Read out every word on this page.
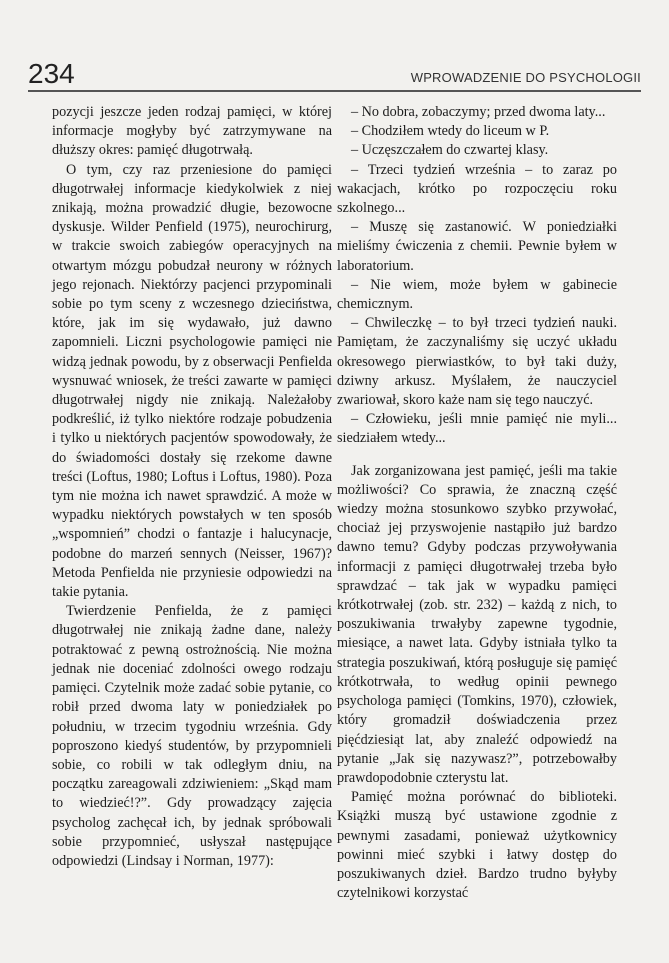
234	WPROWADZENIE DO PSYCHOLOGII

pozycji jeszcze jeden rodzaj pamięci, w której informacje mogłyby być zatrzymywane na dłuższy okres: pamięć długotrwałą.

O tym, czy raz przeniesione do pamięci długotrwałej informacje kiedykolwiek z niej znikają, można prowadzić długie, bezowocne dyskusje. Wilder Penfield (1975), neurochirurg, w trakcie swoich zabiegów operacyjnych na otwartym mózgu pobudzał neurony w różnych jego rejonach. Niektórzy pacjenci przypominali sobie po tym sceny z wczesnego dzieciństwa, które, jak im się wydawało, już dawno zapomnieli. Liczni psychologowie pamięci nie widzą jednak powodu, by z obserwacji Penfielda wysnuwać wniosek, że treści zawarte w pamięci długotrwałej nigdy nie znikają. Należałoby podkreślić, iż tylko niektóre rodzaje pobudzenia i tylko u niektórych pacjentów spowodowały, że do świadomości dostały się rzekome dawne treści (Loftus, 1980; Loftus i Loftus, 1980). Poza tym nie można ich nawet sprawdzić. A może w wypadku niektórych powstałych w ten sposób „wspomnień” chodzi o fantazje i halucynacje, podobne do marzeń sennych (Neisser, 1967)? Metoda Penfielda nie przyniesie odpowiedzi na takie pytania.

Twierdzenie Penfielda, że z pamięci długotrwałej nie znikają żadne dane, należy potraktować z pewną ostrożnością. Nie można jednak nie doceniać zdolności owego rodzaju pamięci. Czytelnik może zadać sobie pytanie, co robił przed dwoma laty w poniedziałek po południu, w trzecim tygodniu września. Gdy poproszono kiedyś studentów, by przypomnieli sobie, co robili w tak odległym dniu, na początku zareagowali zdziwieniem: „Skąd mam to wiedzieć!?”. Gdy prowadzący zajęcia psycholog zachęcał ich, by jednak spróbowali sobie przypomnieć, usłyszał następujące odpowiedzi (Lindsay i Norman, 1977):

– No dobra, zobaczymy; przed dwoma laty...

– Chodziłem wtedy do liceum w P.

– Uczęszczałem do czwartej klasy.

– Trzeci tydzień września – to zaraz po wakacjach, krótko po rozpoczęciu roku szkolnego...

– Muszę się zastanowić. W poniedziałki mieliśmy ćwiczenia z chemii. Pewnie byłem w laboratorium.

– Nie wiem, może byłem w gabinecie chemicznym.

– Chwileczkę – to był trzeci tydzień nauki. Pamiętam, że zaczynaliśmy się uczyć układu okresowego pierwiastków, to był taki duży, dziwny arkusz. Myślałem, że nauczyciel zwariował, skoro każe nam się tego nauczyć.

– Człowieku, jeśli mnie pamięć nie myli... siedziałem wtedy...

Jak zorganizowana jest pamięć, jeśli ma takie możliwości? Co sprawia, że znaczną część wiedzy można stosunkowo szybko przywołać, chociaż jej przyswojenie nastąpiło już bardzo dawno temu? Gdyby podczas przywoływania informacji z pamięci długotrwałej trzeba było sprawdzać – tak jak w wypadku pamięci krótkotrwałej (zob. str. 232) – każdą z nich, to poszukiwania trwałyby zapewne tygodnie, miesiące, a nawet lata. Gdyby istniała tylko ta strategia poszukiwań, którą posługuje się pamięć krótkotrwała, to według opinii pewnego psychologa pamięci (Tomkins, 1970), człowiek, który gromadził doświadczenia przez pięćdziesiąt lat, aby znaleźć odpowiedź na pytanie „Jak się nazywasz?”, potrzebowałby prawdopodobnie czterystu lat.

Pamięć można porównać do biblioteki. Książki muszą być ustawione zgodnie z pewnymi zasadami, ponieważ użytkownicy powinni mieć szybki i łatwy dostęp do poszukiwanych dzieł. Bardzo trudno byłyby czytelnikowi korzystać
